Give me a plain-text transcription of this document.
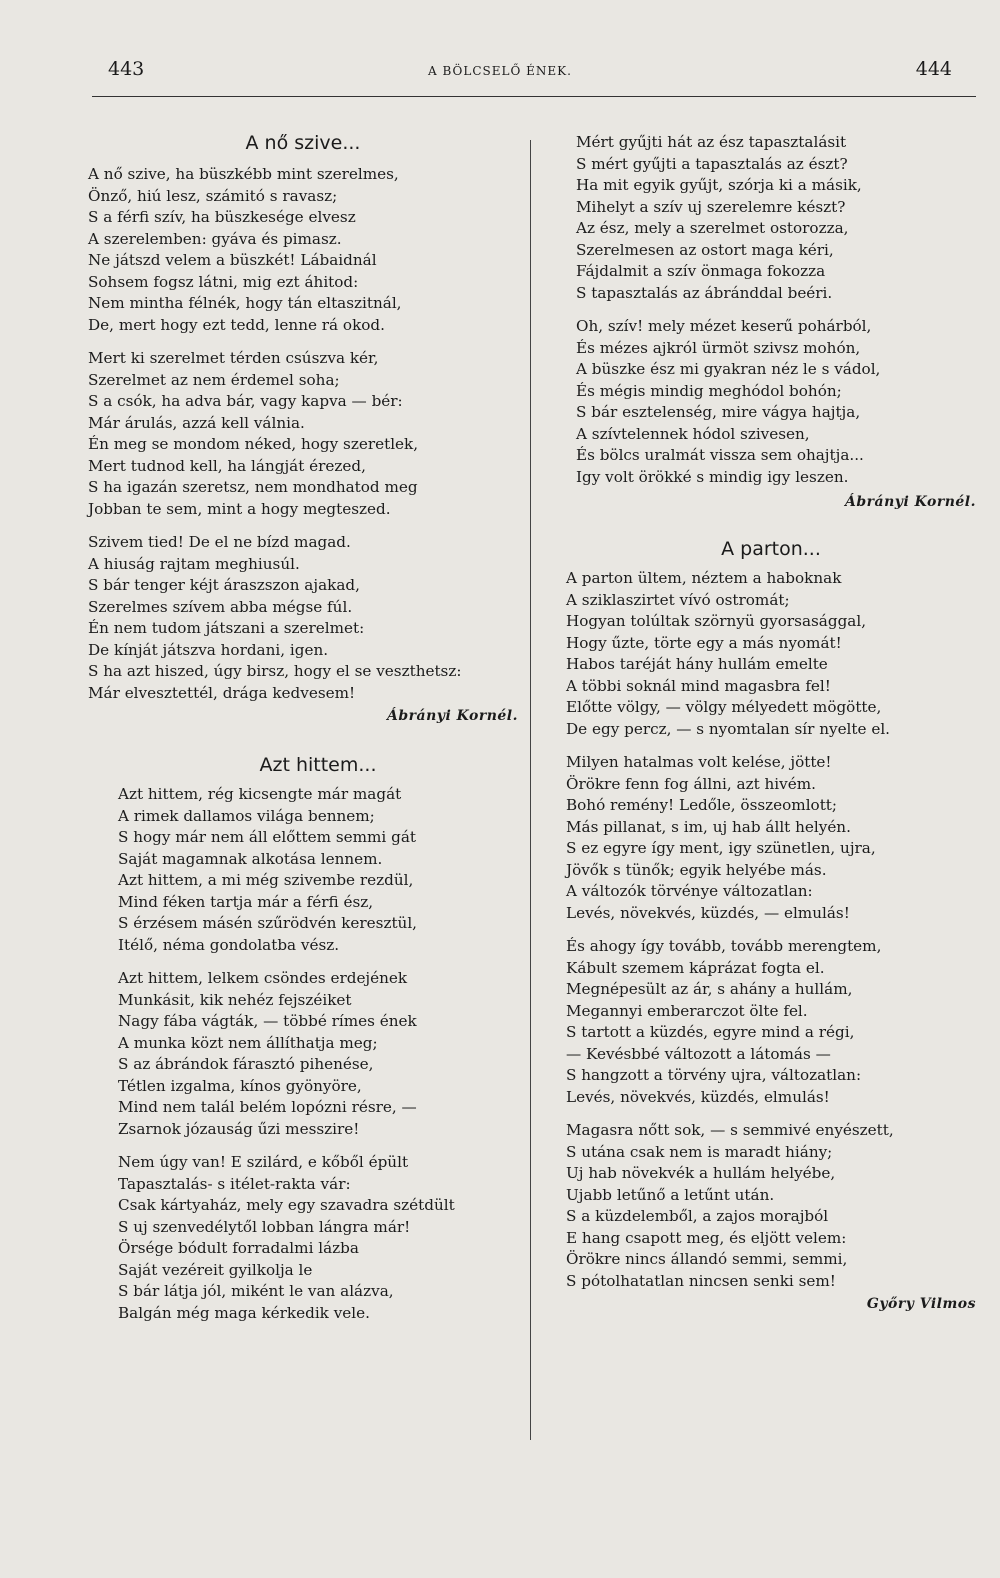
443	A BÖLCSELŐ ÉNEK.	444
A nő szive...
A nő szive, ha büszkébb mint szerelmes,
Önző, hiú lesz, számitó s ravasz;
S a férfi szív, ha büszkesége elvesz
A szerelemben: gyáva és pimasz.
Ne játszd velem a büszkét! Lábaidnál
Sohsem fogsz látni, mig ezt áhitod:
Nem mintha félnék, hogy tán eltaszitnál,
De, mert hogy ezt tedd, lenne rá okod.
Mert ki szerelmet térden csúszva kér,
Szerelmet az nem érdemel soha;
S a csók, ha adva bár, vagy kapva — bér:
Már árulás, azzá kell válnia.
Én meg se mondom néked, hogy szeretlek,
Mert tudnod kell, ha lángját érezed,
S ha igazán szeretsz, nem mondhatod meg
Jobban te sem, mint a hogy megteszed.
Szivem tied! De el ne bízd magad.
A hiuság rajtam meghiusúl.
S bár tenger kéjt áraszszon ajakad,
Szerelmes szívem abba mégse fúl.
Én nem tudom játszani a szerelmet:
De kínját játszva hordani, igen.
S ha azt hiszed, úgy birsz, hogy el se veszthetsz:
Már elvesztettél, drága kedvesem!
Ábrányi Kornél.
Azt hittem...
Azt hittem, rég kicsengte már magát
A rimek dallamos világa bennem;
S hogy már nem áll előttem semmi gát
Saját magamnak alkotása lennem.
Azt hittem, a mi még szivembe rezdül,
Mind féken tartja már a férfi ész,
S érzésem másén szűrödvén keresztül,
Itélő, néma gondolatba vész.
Azt hittem, lelkem csöndes erdejének
Munkásit, kik nehéz fejszéiket
Nagy fába vágták, — többé rímes ének
A munka közt nem állíthatja meg;
S az ábrándok fárasztó pihenése,
Tétlen izgalma, kínos gyönyöre,
Mind nem talál belém lopózni résre, —
Zsarnok józauság űzi messzire!
Nem úgy van! E szilárd, e kőből épült
Tapasztalás- s itélet-rakta vár:
Csak kártyaház, mely egy szavadra szétdült
S uj szenvedélytől lobban lángra már!
Örsége bódult forradalmi lázba
Saját vezéreit gyilkolja le
S bár látja jól, miként le van alázva,
Balgán még maga kérkedik vele.
Mért gyűjti hát az ész tapasztalásit
S mért gyűjti a tapasztalás az észt?
Ha mit egyik gyűjt, szórja ki a másik,
Mihelyt a szív uj szerelemre készt?
Az ész, mely a szerelmet ostorozza,
Szerelmesen az ostort maga kéri,
Fájdalmit a szív önmaga fokozza
S tapasztalás az ábránddal beéri.
Oh, szív! mely mézet keserű pohárból,
És mézes ajkról ürmöt szivsz mohón,
A büszke ész mi gyakran néz le s vádol,
És mégis mindig meghódol bohón;
S bár esztelenség, mire vágya hajtja,
A szívtelennek hódol szivesen,
És bölcs uralmát vissza sem ohajtja...
Igy volt örökké s mindig igy leszen.
Ábrányi Kornél.
A parton...
A parton ültem, néztem a haboknak
A sziklaszirtet vívó ostromát;
Hogyan tolúltak szörnyü gyorsasággal,
Hogy űzte, törte egy a más nyomát!
Habos taréját hány hullám emelte
A többi soknál mind magasbra fel!
Előtte völgy, — völgy mélyedett mögötte,
De egy percz, — s nyomtalan sír nyelte el.
Milyen hatalmas volt kelése, jötte!
Örökre fenn fog állni, azt hivém.
Bohó remény! Ledőle, összeomlott;
Más pillanat, s im, uj hab állt helyén.
S ez egyre így ment, igy szünetlen, ujra,
Jövők s tünők; egyik helyébe más.
A változók törvénye változatlan:
Levés, növekvés, küzdés, — elmulás!
És ahogy így tovább, tovább merengtem,
Kábult szemem káprázat fogta el.
Megnépesült az ár, s ahány a hullám,
Megannyi emberarczot ölte fel.
S tartott a küzdés, egyre mind a régi,
— Kevésbbé változott a látomás —
S hangzott a törvény ujra, változatlan:
Levés, növekvés, küzdés, elmulás!
Magasra nőtt sok, — s semmivé enyészett,
S utána csak nem is maradt hiány;
Uj hab növekvék a hullám helyébe,
Ujabb letűnő a letűnt után.
S a küzdelemből, a zajos morajból
E hang csapott meg, és eljött velem:
Örökre nincs állandó semmi, semmi,
S pótolhatatlan nincsen senki sem!
Győry Vilmos
